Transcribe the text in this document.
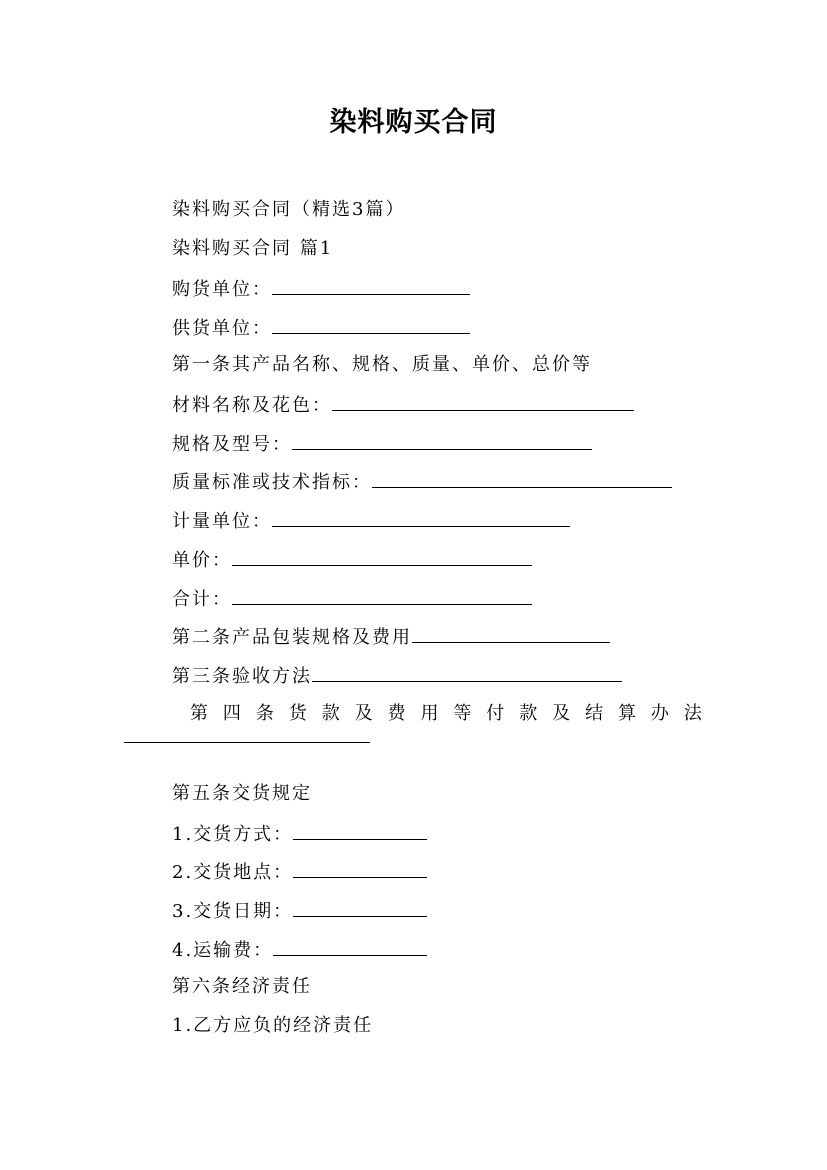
染料购买合同
染料购买合同（精选3篇）
染料购买合同 篇1
购货单位：
供货单位：
第一条其产品名称、规格、质量、单价、总价等
材料名称及花色：
规格及型号：
质量标准或技术指标：
计量单位：
单价：
合计：
第二条产品包装规格及费用
第三条验收方法
第 四 条 货 款 及 费 用 等 付 款 及 结 算 办 法
第五条交货规定
1.交货方式：
2.交货地点：
3.交货日期：
4.运输费：
第六条经济责任
1.乙方应负的经济责任
